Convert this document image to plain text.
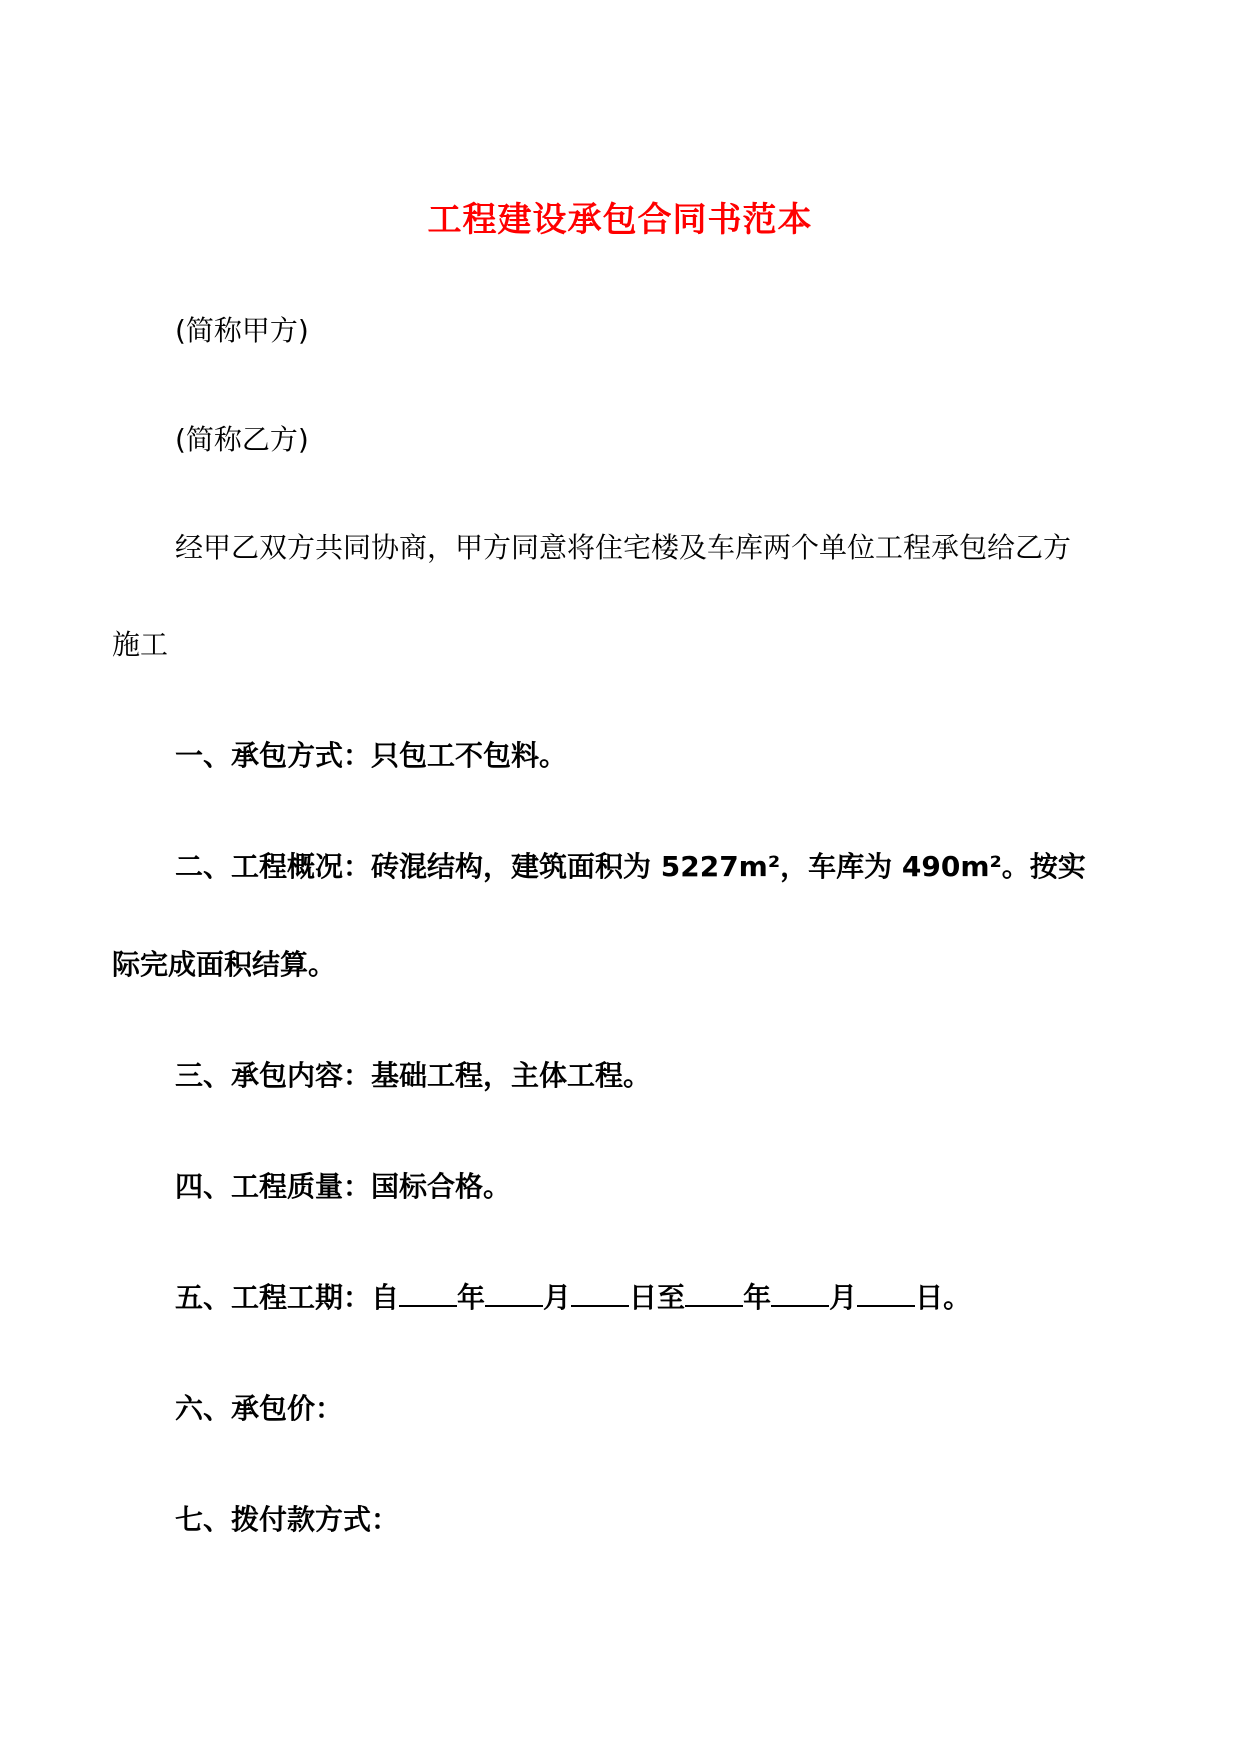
工程建设承包合同书范本
(简称甲方)
(简称乙方)
经甲乙双方共同协商，甲方同意将住宅楼及车库两个单位工程承包给乙方
施工
一、承包方式：只包工不包料。
二、工程概况：砖混结构，建筑面积为 5227m²，车库为 490m²。按实
际完成面积结算。
三、承包内容：基础工程，主体工程。
四、工程质量：国标合格。
五、工程工期：自 年 月 日至 年 月 日。
六、承包价：
七、拨付款方式：
